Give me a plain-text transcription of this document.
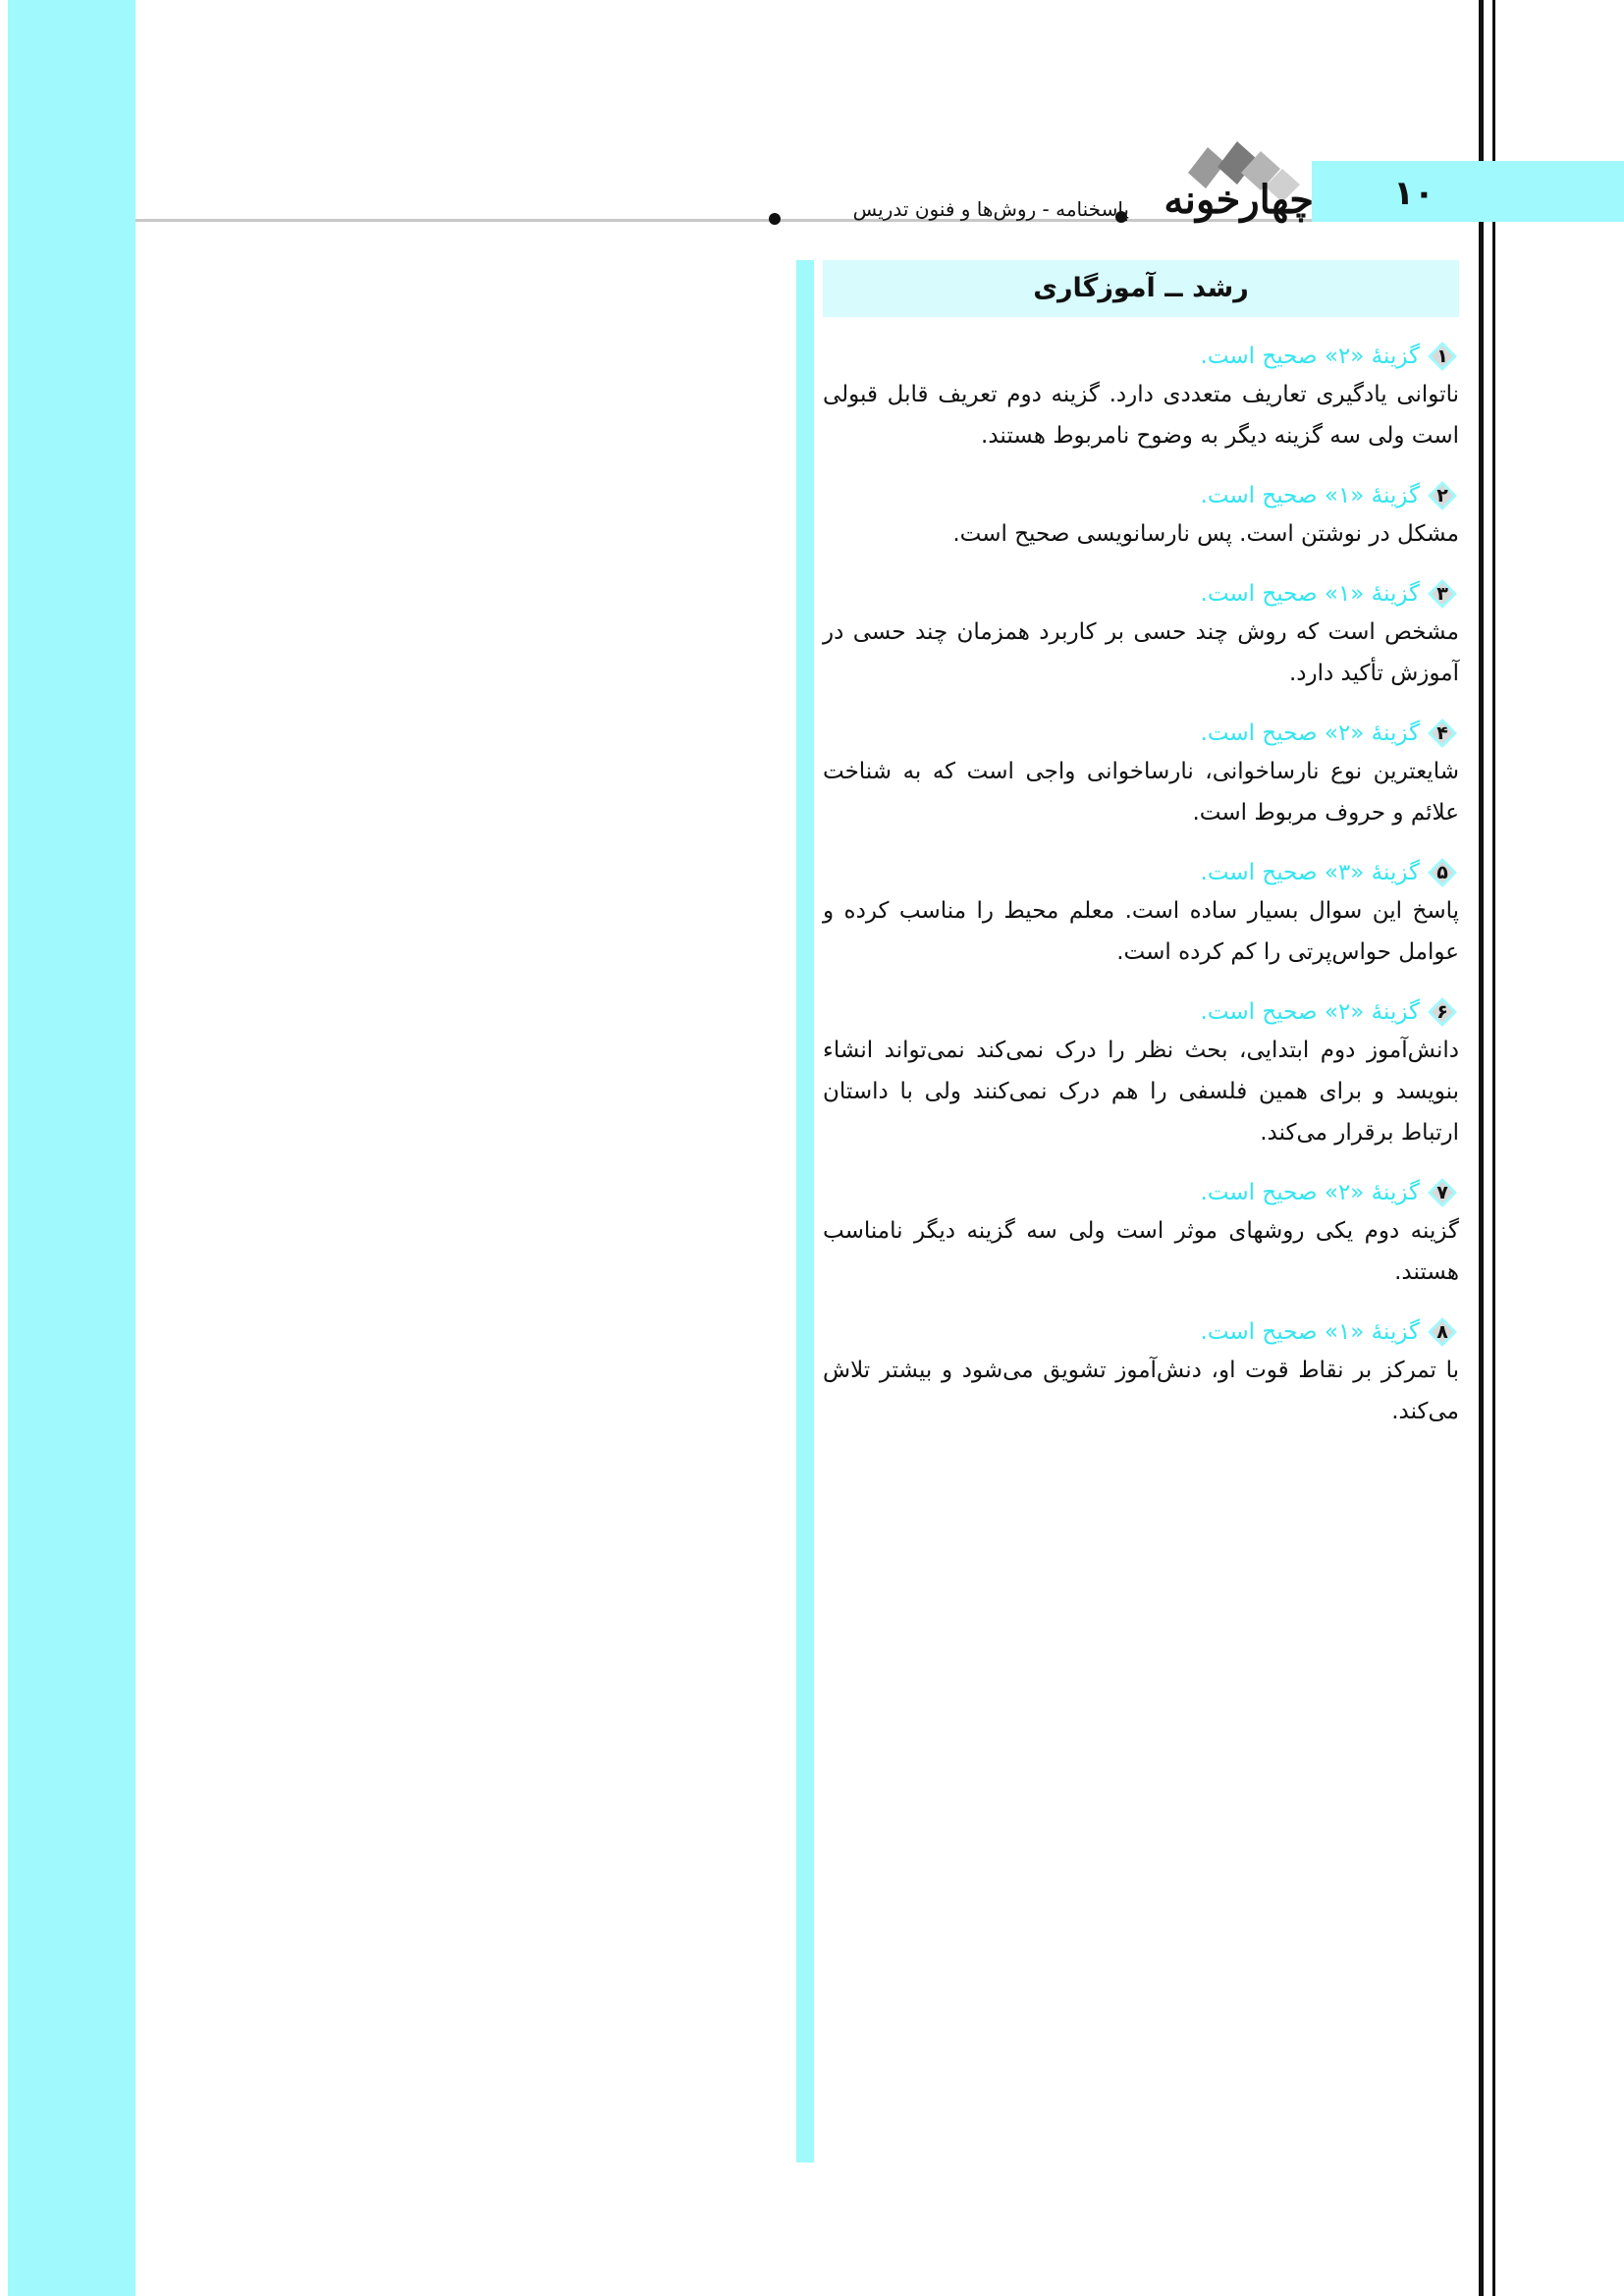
۱۰
چهارخونه
پاسخنامه - روش‌ها و فنون تدریس
رشد ــ آموزگاری
۱
گزینهٔ «۲» صحیح است.
ناتوانی یادگیری تعاریف متعددی دارد. گزینه دوم تعریف قابل قبولی است ولی سه گزینه دیگر به وضوح نامربوط هستند.
۲
گزینهٔ «۱» صحیح است.
مشکل در نوشتن است. پس نارسانویسی صحیح است.
۳
گزینهٔ «۱» صحیح است.
مشخص است که روش چند حسی بر کاربرد همزمان چند حسی در آموزش تأکید دارد.
۴
گزینهٔ «۲» صحیح است.
شایعترین نوع نارساخوانی، نارساخوانی واجی است که به شناخت علائم و حروف مربوط است.
۵
گزینهٔ «۳» صحیح است.
پاسخ این سوال بسیار ساده است. معلم محیط را مناسب کرده و عوامل حواس‌پرتی را کم کرده است.
۶
گزینهٔ «۲» صحیح است.
دانش‌آموز دوم ابتدایی، بحث نظر را درک نمی‌کند نمی‌تواند انشاء بنویسد و برای همین فلسفی را هم درک نمی‌کنند ولی با داستان ارتباط برقرار می‌کند.
۷
گزینهٔ «۲» صحیح است.
گزینه دوم یکی روشهای موثر است ولی سه گزینه دیگر نامناسب هستند.
۸
گزینهٔ «۱» صحیح است.
با تمرکز بر نقاط قوت او، دنش‌آموز تشویق می‌شود و بیشتر تلاش می‌کند.
